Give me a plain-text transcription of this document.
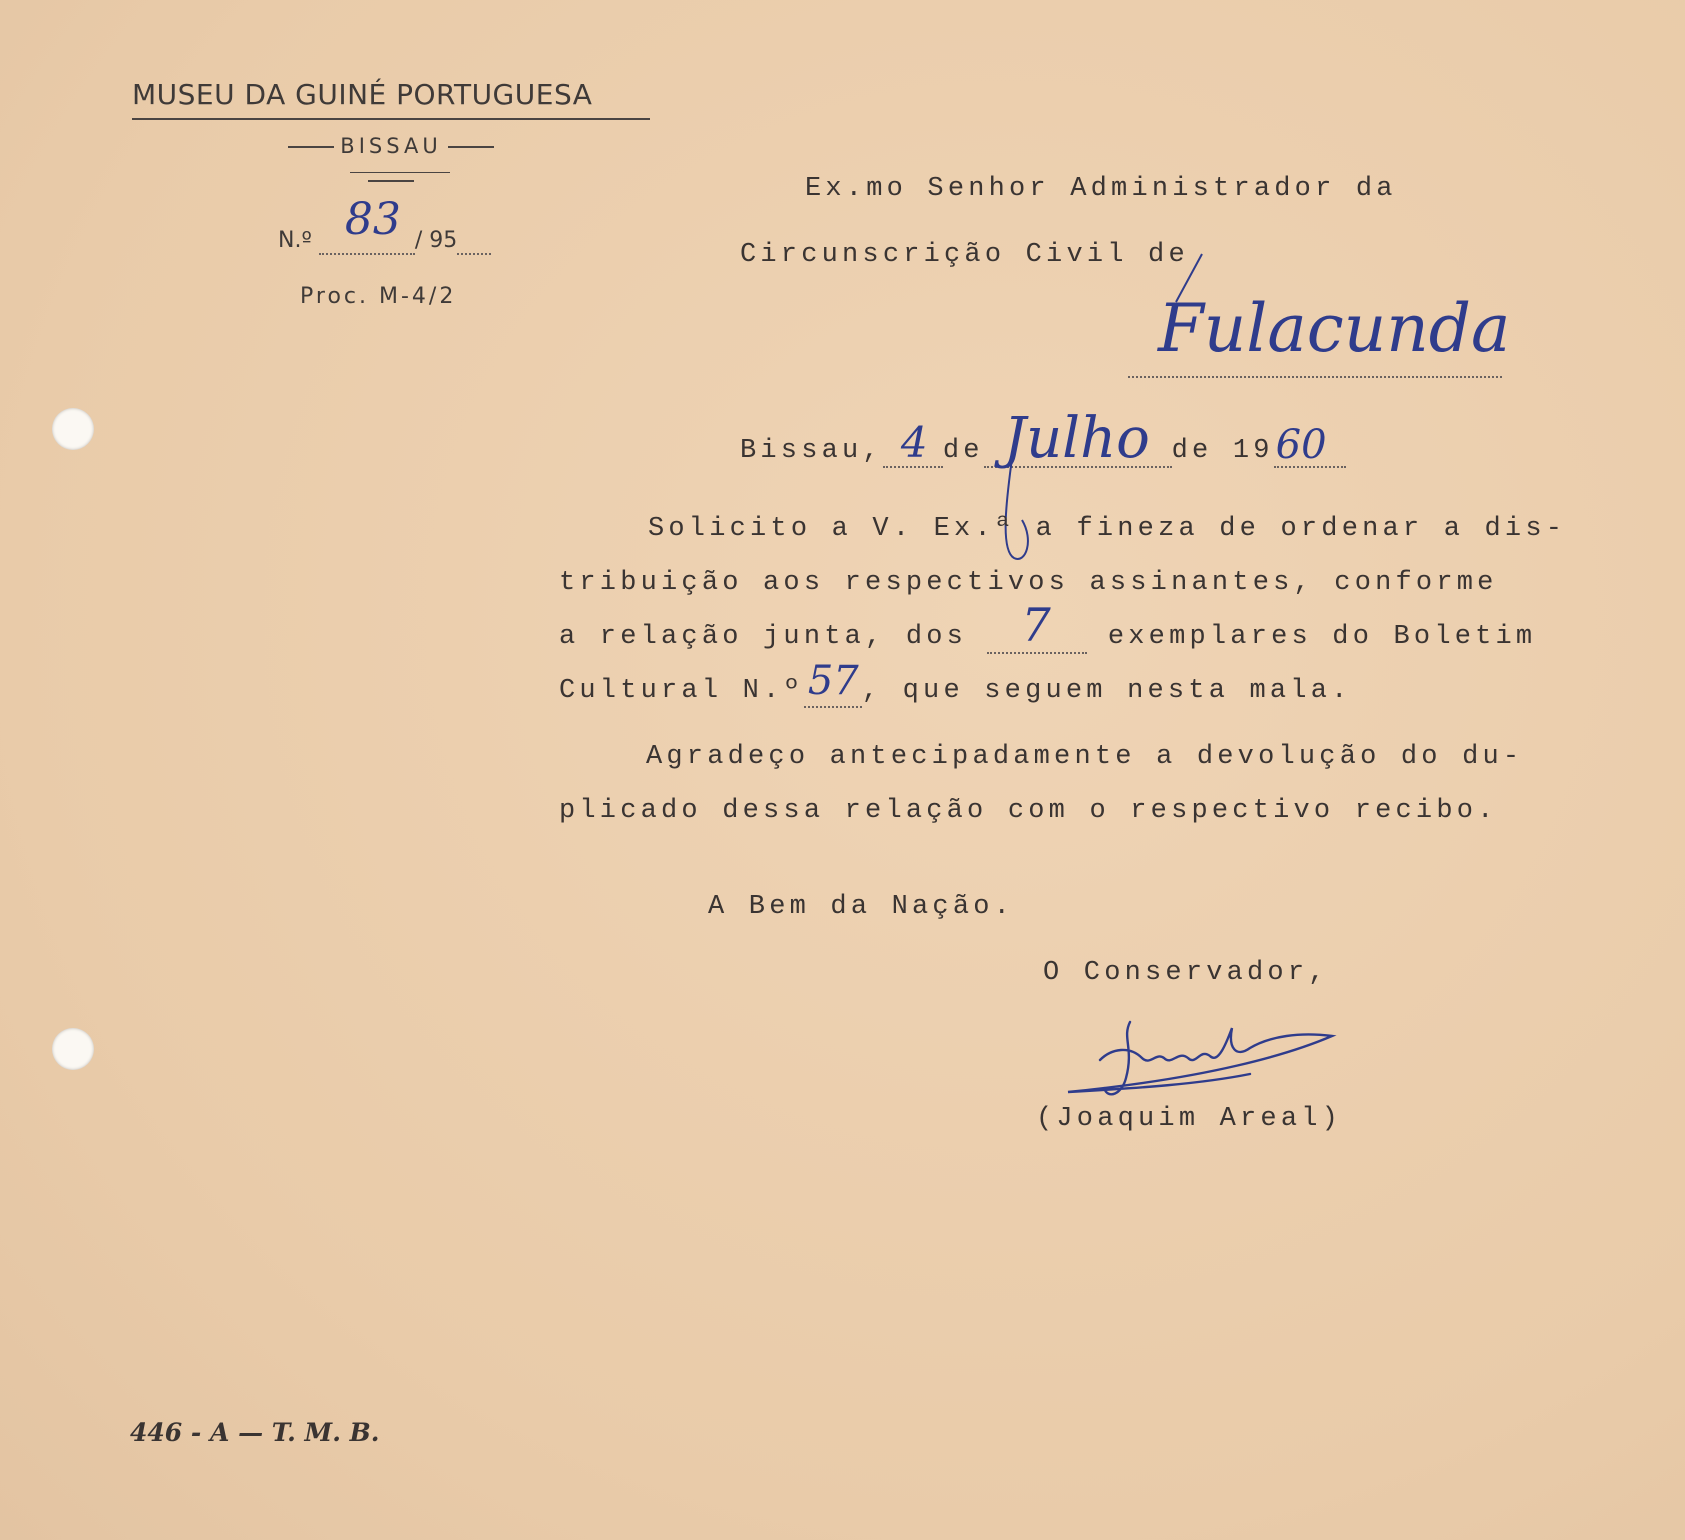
MUSEU DA GUINÉ PORTUGUESA
BISSAU
N.º 83 / 95
Proc. M-4/2
Ex.mo Senhor Administrador da
Circunscrição Civil de
Fulacunda
Bissau, 4 de Julho de 19 60

Solicito a V. Ex.ª a fineza de ordenar a dis-
tribuição aos respectivos assinantes, conforme
a relação junta, dos 7 exemplares do Boletim
Cultural N.º 57 , que seguem nesta mala.
Agradeço antecipadamente a devolução do du-
plicado dessa relação com o respectivo recibo.
A Bem da Nação.
O Conservador,
(Joaquim Areal)
446 - A — T. M. B.
